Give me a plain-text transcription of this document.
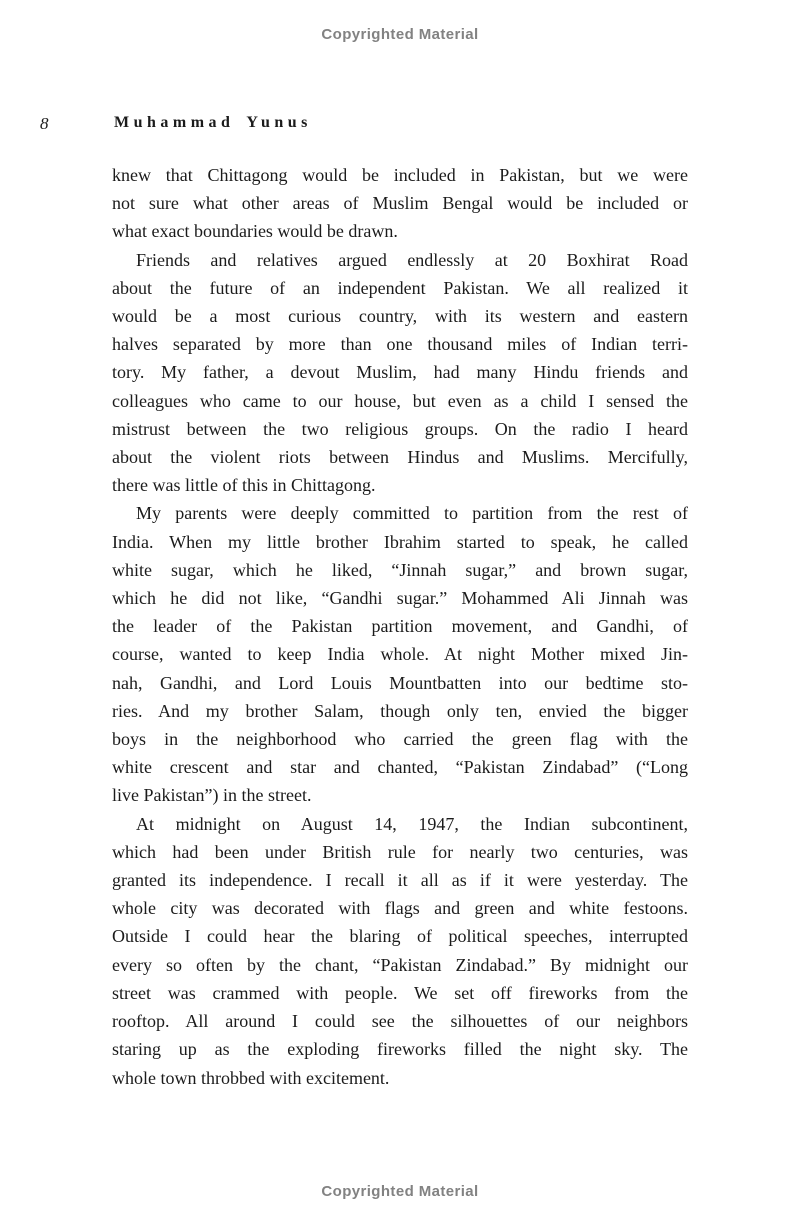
Copyrighted Material
8	Muhammad Yunus
knew that Chittagong would be included in Pakistan, but we were
not sure what other areas of Muslim Bengal would be included or
what exact boundaries would be drawn.
Friends and relatives argued endlessly at 20 Boxhirat Road
about the future of an independent Pakistan. We all realized it
would be a most curious country, with its western and eastern
halves separated by more than one thousand miles of Indian terri-
tory. My father, a devout Muslim, had many Hindu friends and
colleagues who came to our house, but even as a child I sensed the
mistrust between the two religious groups. On the radio I heard
about the violent riots between Hindus and Muslims. Mercifully,
there was little of this in Chittagong.
My parents were deeply committed to partition from the rest of
India. When my little brother Ibrahim started to speak, he called
white sugar, which he liked, “Jinnah sugar,” and brown sugar,
which he did not like, “Gandhi sugar.” Mohammed Ali Jinnah was
the leader of the Pakistan partition movement, and Gandhi, of
course, wanted to keep India whole. At night Mother mixed Jin-
nah, Gandhi, and Lord Louis Mountbatten into our bedtime sto-
ries. And my brother Salam, though only ten, envied the bigger
boys in the neighborhood who carried the green flag with the
white crescent and star and chanted, “Pakistan Zindabad” (“Long
live Pakistan”) in the street.
At midnight on August 14, 1947, the Indian subcontinent,
which had been under British rule for nearly two centuries, was
granted its independence. I recall it all as if it were yesterday. The
whole city was decorated with flags and green and white festoons.
Outside I could hear the blaring of political speeches, interrupted
every so often by the chant, “Pakistan Zindabad.” By midnight our
street was crammed with people. We set off fireworks from the
rooftop. All around I could see the silhouettes of our neighbors
staring up as the exploding fireworks filled the night sky. The
whole town throbbed with excitement.
Copyrighted Material
